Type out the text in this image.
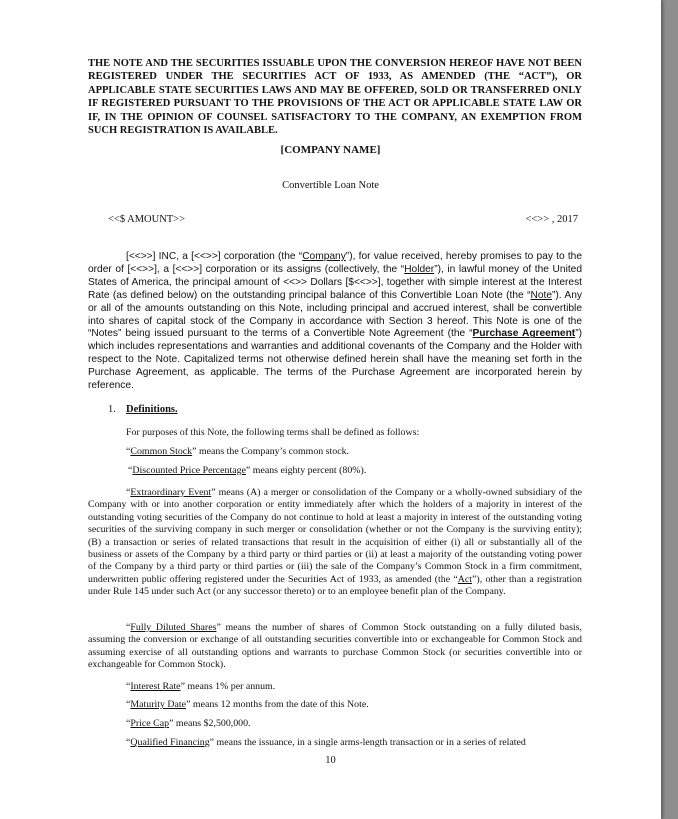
THE NOTE AND THE SECURITIES ISSUABLE UPON THE CONVERSION HEREOF HAVE NOT BEEN REGISTERED UNDER THE SECURITIES ACT OF 1933, AS AMENDED (THE “ACT”), OR APPLICABLE STATE SECURITIES LAWS AND MAY BE OFFERED, SOLD OR TRANSFERRED ONLY IF REGISTERED PURSUANT TO THE PROVISIONS OF THE ACT OR APPLICABLE STATE LAW OR IF, IN THE OPINION OF COUNSEL SATISFACTORY TO THE COMPANY, AN EXEMPTION FROM SUCH REGISTRATION IS AVAILABLE.

[COMPANY NAME]

Convertible Loan Note

<<$ AMOUNT>>	<<>> , 2017

[<<>>] INC, a [<<>>] corporation (the “Company”), for value received, hereby promises to pay to the order of [<<>>], a [<<>>] corporation or its assigns (collectively, the “Holder”), in lawful money of the United States of America, the principal amount of <<>> Dollars [$<<>>], together with simple interest at the Interest Rate (as defined below) on the outstanding principal balance of this Convertible Loan Note (the “Note”). Any or all of the amounts outstanding on this Note, including principal and accrued interest, shall be convertible into shares of capital stock of the Company in accordance with Section 3 hereof. This Note is one of the “Notes” being issued pursuant to the terms of a Convertible Note Agreement (the “Purchase Agreement”) which includes representations and warranties and additional covenants of the Company and the Holder with respect to the Note. Capitalized terms not otherwise defined herein shall have the meaning set forth in the Purchase Agreement, as applicable. The terms of the Purchase Agreement are incorporated herein by reference.

1. Definitions.

For purposes of this Note, the following terms shall be defined as follows:

“Common Stock” means the Company’s common stock.

“Discounted Price Percentage” means eighty percent (80%).

“Extraordinary Event” means (A) a merger or consolidation of the Company or a wholly-owned subsidiary of the Company with or into another corporation or entity immediately after which the holders of a majority in interest of the outstanding voting securities of the Company do not continue to hold at least a majority in interest of the outstanding voting securities of the surviving company in such merger or consolidation (whether or not the Company is the surviving entity); (B) a transaction or series of related transactions that result in the acquisition of either (i) all or substantially all of the business or assets of the Company by a third party or third parties or (ii) at least a majority of the outstanding voting power of the Company by a third party or third parties or (iii) the sale of the Company’s Common Stock in a firm commitment, underwritten public offering registered under the Securities Act of 1933, as amended (the “Act”), other than a registration under Rule 145 under such Act (or any successor thereto) or to an employee benefit plan of the Company.

“Fully Diluted Shares” means the number of shares of Common Stock outstanding on a fully diluted basis, assuming the conversion or exchange of all outstanding securities convertible into or exchangeable for Common Stock and assuming exercise of all outstanding options and warrants to purchase Common Stock (or securities convertible into or exchangeable for Common Stock).

“Interest Rate” means 1% per annum.

“Maturity Date” means 12 months from the date of this Note.

“Price Cap” means $2,500,000.

“Qualified Financing” means the issuance, in a single arms-length transaction or in a series of related

10
